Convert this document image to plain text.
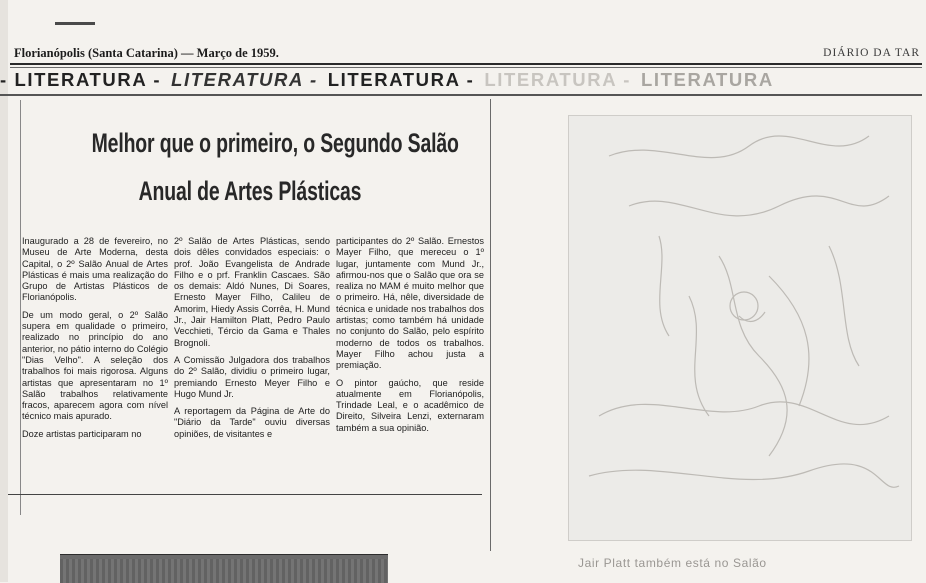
Florianópolis (Santa Catarina) — Março de 1959.	DIÁRIO DA TAR
- LITERATURA - LITERATURA - LITERATURA - LITERATURA - LITERATURA
Melhor que o primeiro, o Segundo Salão
Anual de Artes Plásticas

Inaugurado a 28 de fevereiro, no Museu de Arte Moderna, desta Capital, o 2º Salão Anual de Artes Plásticas é mais uma realização do Grupo de Artistas Plásticos de Florianópolis.

De um modo geral, o 2º Salão supera em qualidade o primeiro, realizado no princípio do ano anterior, no pátio interno do Colégio "Dias Velho". A seleção dos trabalhos foi mais rigorosa. Alguns artistas que apresentaram no 1º Salão trabalhos relativamente fracos, aparecem agora com nível técnico mais apurado.

Doze artistas participaram no

2º Salão de Artes Plásticas, sendo dois dêles convidados especiais: o prof. João Evangelista de Andrade Filho e o prf. Franklin Cascaes. São os demais: Aldó Nunes, Di Soares, Ernesto Mayer Filho, Calileu de Amorim, Hiedy Assis Corrêa, H. Mund Jr., Jair Hamilton Platt, Pedro Paulo Vecchieti, Tércio da Gama e Thales Brognoli.

A Comissão Julgadora dos trabalhos do 2º Salão, dividiu o primeiro lugar, premiando Ernesto Meyer Filho e Hugo Mund Jr.

A reportagem da Página de Arte do "Diário da Tarde" ouviu diversas opiniões, de visitantes e

participantes do 2º Salão. Ernestos Mayer Filho, que mereceu o 1º lugar, juntamente com Mund Jr., afirmou-nos que o Salão que ora se realiza no MAM é muito melhor que o primeiro. Há, nêle, diversidade de técnica e unidade nos trabalhos dos artistas; como também há unidade no conjunto do Salão, pelo espírito moderno de todos os trabalhos. Mayer Filho achou justa a premiação.

O pintor gaúcho, que reside atualmente em Florianópolis, Trindade Leal, e o acadêmico de Direito, Silveira Lenzi, externaram também a sua opinião.

Jair Platt também está no Salão
